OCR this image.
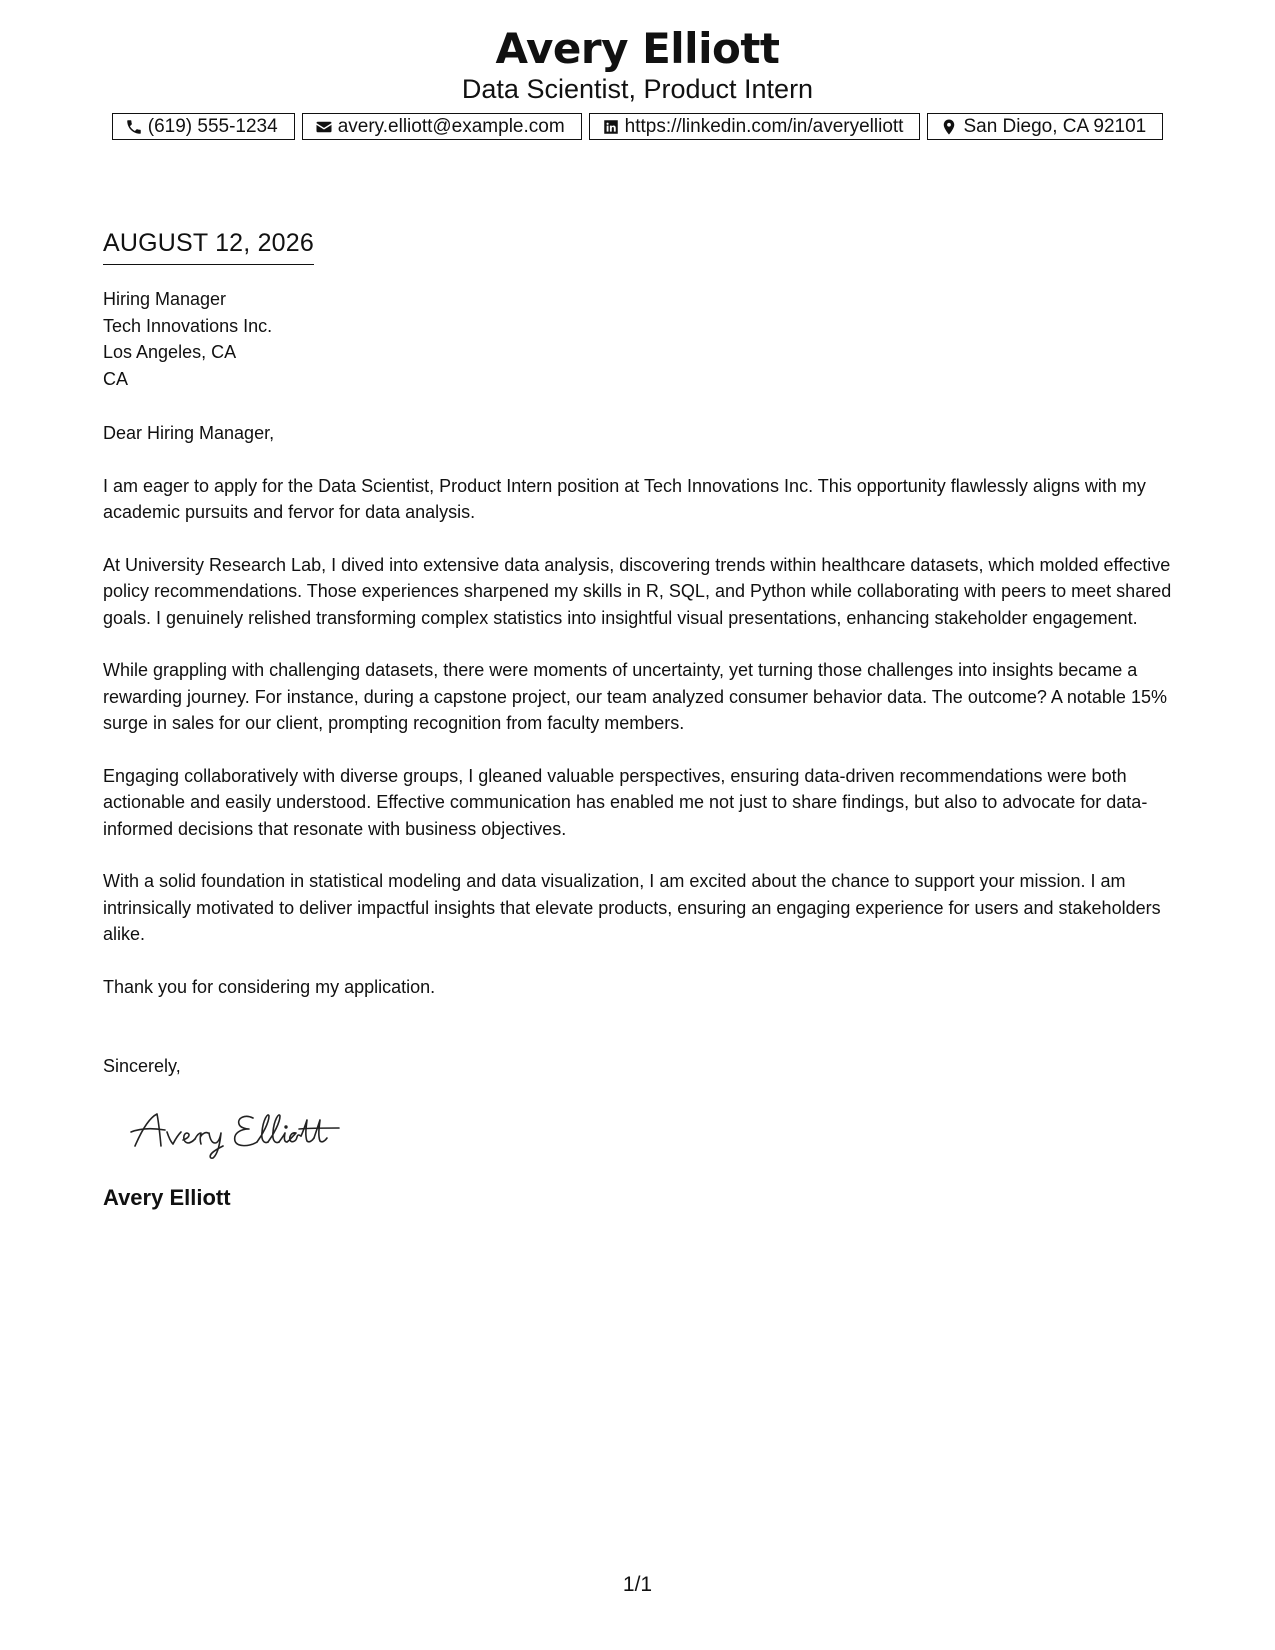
Avery Elliott
Data Scientist, Product Intern
(619) 555-1234	avery.elliott@example.com	https://linkedin.com/in/averyelliott	San Diego, CA 92101
AUGUST 12, 2026
Hiring Manager
Tech Innovations Inc.
Los Angeles, CA
CA

Dear Hiring Manager,

I am eager to apply for the Data Scientist, Product Intern position at Tech Innovations Inc. This opportunity flawlessly aligns with my academic pursuits and fervor for data analysis.

At University Research Lab, I dived into extensive data analysis, discovering trends within healthcare datasets, which molded effective policy recommendations. Those experiences sharpened my skills in R, SQL, and Python while collaborating with peers to meet shared goals. I genuinely relished transforming complex statistics into insightful visual presentations, enhancing stakeholder engagement.

While grappling with challenging datasets, there were moments of uncertainty, yet turning those challenges into insights became a rewarding journey. For instance, during a capstone project, our team analyzed consumer behavior data. The outcome? A notable 15% surge in sales for our client, prompting recognition from faculty members.

Engaging collaboratively with diverse groups, I gleaned valuable perspectives, ensuring data-driven recommendations were both actionable and easily understood. Effective communication has enabled me not just to share findings, but also to advocate for data-informed decisions that resonate with business objectives.

With a solid foundation in statistical modeling and data visualization, I am excited about the chance to support your mission. I am intrinsically motivated to deliver impactful insights that elevate products, ensuring an engaging experience for users and stakeholders alike.

Thank you for considering my application.

Sincerely,

Avery Elliott
1/1
